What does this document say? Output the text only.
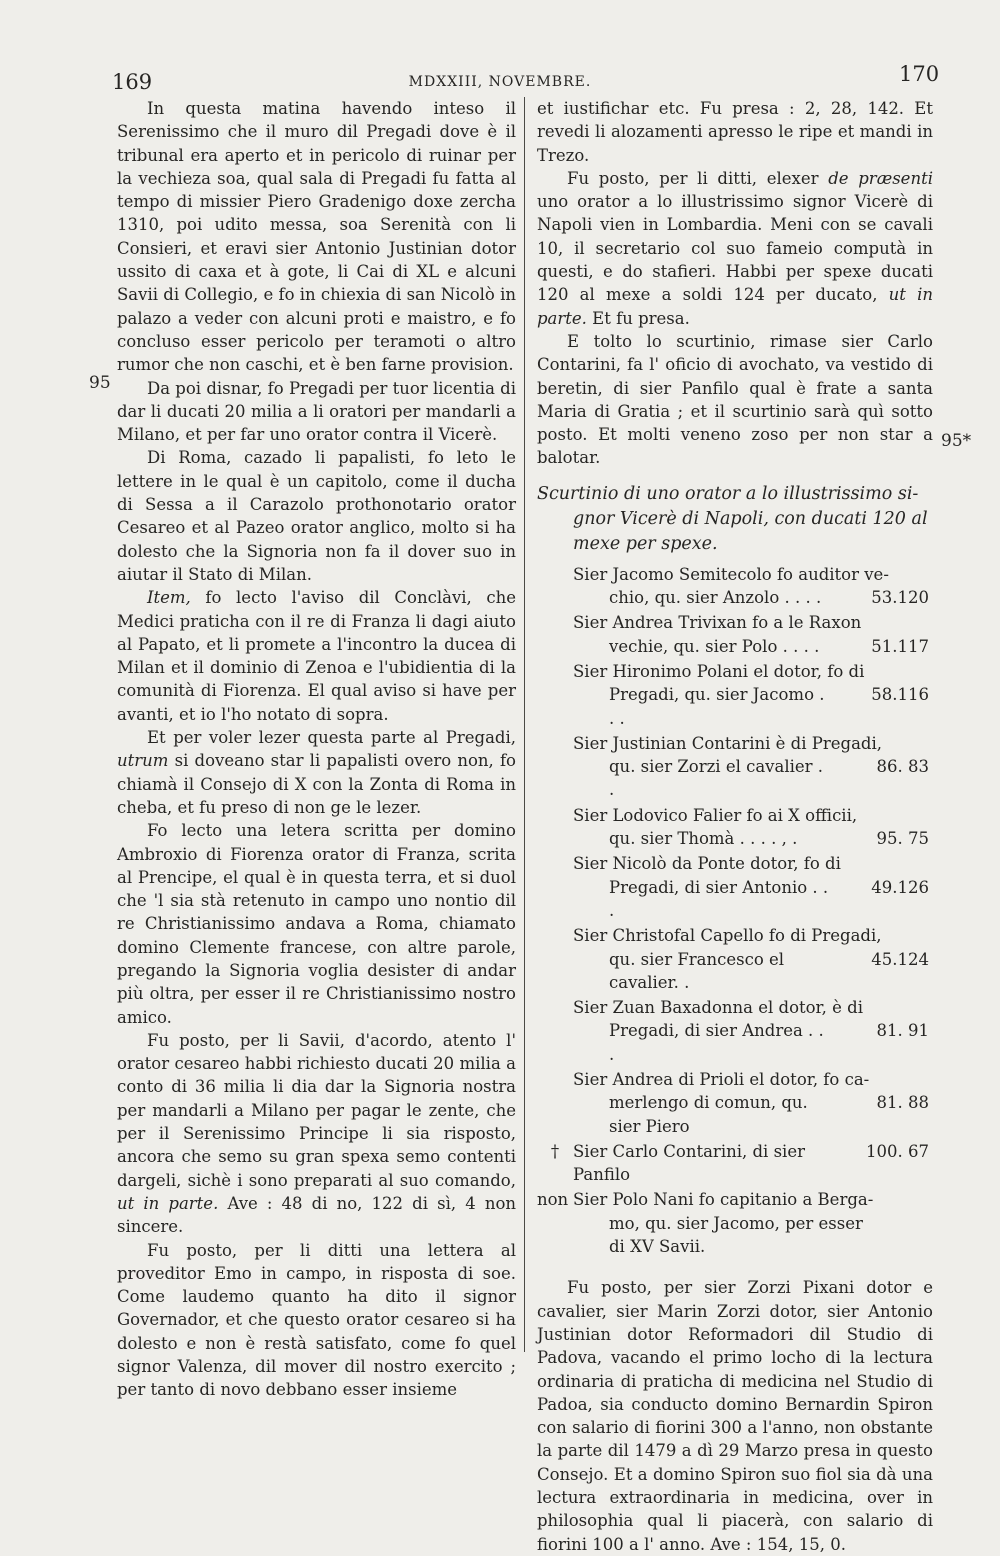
169	MDXXIII, NOVEMBRE.	170
95
95*

In questa matina havendo inteso il Serenissimo che il muro dil Pregadi dove è il tribunal era aperto et in pericolo di ruinar per la vechieza soa, qual sala di Pregadi fu fatta al tempo di missier Piero Gradenigo doxe zercha 1310, poi udito messa, soa Serenità con li Consieri, et eravi sier Antonio Justinian dotor ussito di caxa et à gote, li Cai di XL e alcuni Savii di Collegio, e fo in chiexia di san Nicolò in palazo a veder con alcuni proti e maistro, e fo concluso esser pericolo per teramoti o altro rumor che non caschi, et è ben farne provision.

Da poi disnar, fo Pregadi per tuor licentia di dar li ducati 20 milia a li oratori per mandarli a Milano, et per far uno orator contra il Vicerè.

Di Roma, cazado li papalisti, fo leto le lettere in le qual è un capitolo, come il ducha di Sessa a il Carazolo prothonotario orator Cesareo et al Pazeo orator anglico, molto si ha dolesto che la Signoria non fa il dover suo in aiutar il Stato di Milan.

Item, fo lecto l'aviso dil Conclàvi, che Medici praticha con il re di Franza li dagi aiuto al Papato, et li promete a l'incontro la ducea di Milan et il dominio di Zenoa e l'ubidientia di la comunità di Fiorenza. El qual aviso si have per avanti, et io l'ho notato di sopra.

Et per voler lezer questa parte al Pregadi, utrum si doveano star li papalisti overo non, fo chiamà il Consejo di X con la Zonta di Roma in cheba, et fu preso di non ge le lezer.

Fo lecto una letera scritta per domino Ambroxio di Fiorenza orator di Franza, scrita al Prencipe, el qual è in questa terra, et si duol che 'l sia stà retenuto in campo uno nontio dil re Christianissimo andava a Roma, chiamato domino Clemente francese, con altre parole, pregando la Signoria voglia desister di andar più oltra, per esser il re Christianissimo nostro amico.

Fu posto, per li Savii, d'acordo, atento l' orator cesareo habbi richiesto ducati 20 milia a conto di 36 milia li dia dar la Signoria nostra per mandarli a Milano per pagar le zente, che per il Serenissimo Principe li sia risposto, ancora che semo su gran spexa semo contenti dargeli, sichè i sono preparati al suo comando, ut in parte. Ave : 48 di no, 122 di sì, 4 non sincere.

Fu posto, per li ditti una lettera al proveditor Emo in campo, in risposta di soe. Come laudemo quanto ha dito il signor Governador, et che questo orator cesareo si ha dolesto e non è restà satisfato, come fo quel signor Valenza, dil mover dil nostro exercito ; per tanto di novo debbano esser insieme

et iustifichar etc. Fu presa : 2, 28, 142. Et revedi li alozamenti apresso le ripe et mandi in Trezo.

Fu posto, per li ditti, elexer de præsenti uno orator a lo illustrissimo signor Vicerè di Napoli vien in Lombardia. Meni con se cavali 10, il secretario col suo fameio computà in questi, e do stafieri. Habbi per spexe ducati 120 al mexe a soldi 124 per ducato, ut in parte. Et fu presa.

E tolto lo scurtinio, rimase sier Carlo Contarini, fa l' oficio di avochato, va vestido di beretin, di sier Panfilo qual è frate a santa Maria di Gratia ; et il scurtinio sarà quì sotto posto. Et molti veneno zoso per non star a balotar.

Scurtinio di uno orator a lo illustrissimo si-
gnor Vicerè di Napoli, con ducati 120 al
mexe per spexe.
Sier Jacomo Semitecolo fo auditor ve-
chio, qu. sier Anzolo . . . .	53.120
Sier Andrea Trivixan fo a le Raxon
vechie, qu. sier Polo . . . .	51.117
Sier Hironimo Polani el dotor, fo di
Pregadi, qu. sier Jacomo . . .
58.116
Sier Justinian Contarini è di Pregadi,
qu. sier Zorzi el cavalier . .
86. 83
Sier Lodovico Falier fo ai X officii,
qu. sier Thomà . . . . , .	95. 75
Sier Nicolò da Ponte dotor, fo di
Pregadi, di sier Antonio . . .
49.126
Sier Christofal Capello fo di Pregadi,
qu. sier Francesco el cavalier. .
45.124
Sier Zuan Baxadonna el dotor, è di
Pregadi, di sier Andrea . . .
81. 91
Sier Andrea di Prioli el dotor, fo ca-
merlengo di comun, qu. sier Piero
81. 88
† Sier Carlo Contarini, di sier Panfilo
100. 67
non Sier Polo Nani fo capitanio a Berga-
mo, qu. sier Jacomo, per esser
di XV Savii.

Fu posto, per sier Zorzi Pixani dotor e cavalier, sier Marin Zorzi dotor, sier Antonio Justinian dotor Reformadori dil Studio di Padova, vacando el primo locho di la lectura ordinaria di praticha di medicina nel Studio di Padoa, sia conducto domino Bernardin Spiron con salario di fiorini 300 a l'anno, non obstante la parte dil 1479 a dì 29 Marzo presa in questo Consejo. Et a domino Spiron suo fiol sia dà una lectura extraordinaria in medicina, over in philosophia qual li piacerà, con salario di fiorini 100 a l' anno. Ave : 154, 15, 0.
